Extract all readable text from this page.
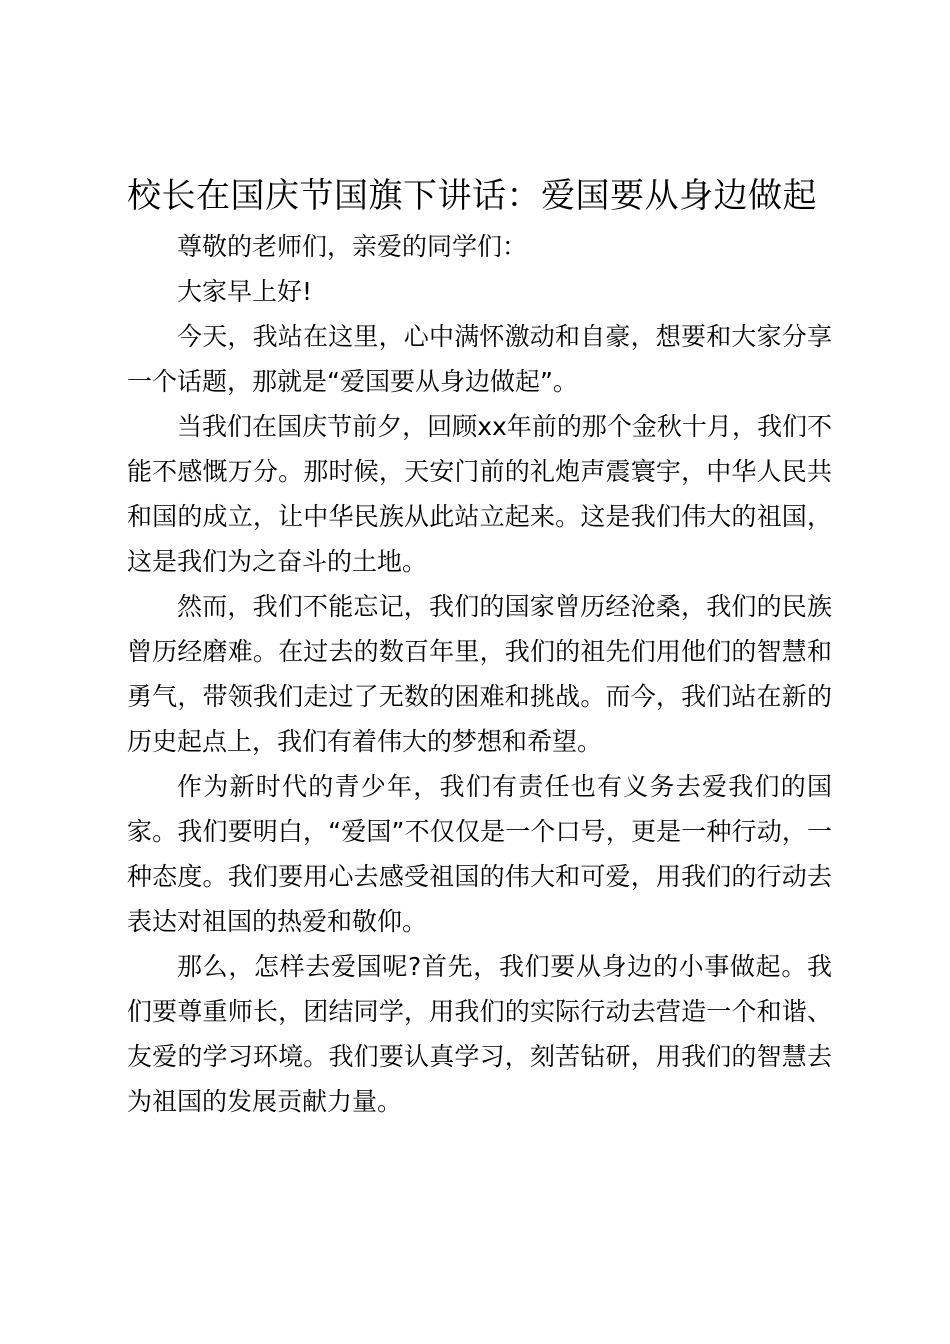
校长在国庆节国旗下讲话：爱国要从身边做起

尊敬的老师们，亲爱的同学们：

大家早上好!

今天，我站在这里，心中满怀激动和自豪，想要和大家分享一个话题，那就是“爱国要从身边做起”。

当我们在国庆节前夕，回顾xx年前的那个金秋十月，我们不能不感慨万分。那时候，天安门前的礼炮声震寰宇，中华人民共和国的成立，让中华民族从此站立起来。这是我们伟大的祖国，这是我们为之奋斗的土地。

然而，我们不能忘记，我们的国家曾历经沧桑，我们的民族曾历经磨难。在过去的数百年里，我们的祖先们用他们的智慧和勇气，带领我们走过了无数的困难和挑战。而今，我们站在新的历史起点上，我们有着伟大的梦想和希望。

作为新时代的青少年，我们有责任也有义务去爱我们的国家。我们要明白，“爱国”不仅仅是一个口号，更是一种行动，一种态度。我们要用心去感受祖国的伟大和可爱，用我们的行动去表达对祖国的热爱和敬仰。

那么，怎样去爱国呢?首先，我们要从身边的小事做起。我们要尊重师长，团结同学，用我们的实际行动去营造一个和谐、友爱的学习环境。我们要认真学习，刻苦钻研，用我们的智慧去为祖国的发展贡献力量。
